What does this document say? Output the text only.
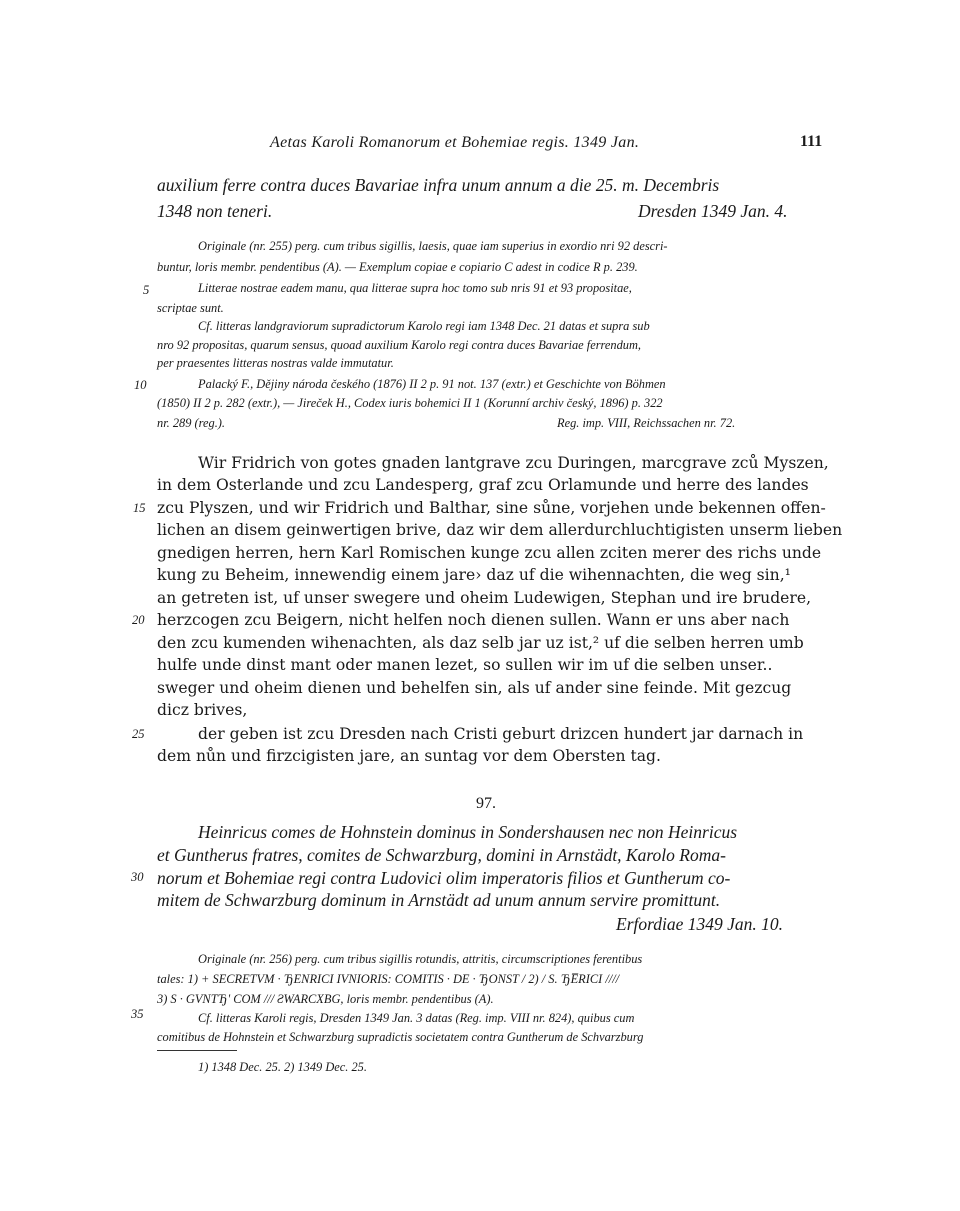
Aetas Karoli Romanorum et Bohemiae regis. 1349 Jan.	111
auxilium ferre contra duces Bavariae infra unum annum a die 25. m. Decembris
1348 non teneri.	Dresden 1349 Jan. 4.
Originale (nr. 255) perg. cum tribus sigillis, laesis, quae iam superius in exordio nri 92 descri-
buntur, loris membr. pendentibus (A). — Exemplum copiae e copiario C adest in codice R p. 239.
Litterae nostrae eadem manu, qua litterae supra hoc tomo sub nris 91 et 93 propositae,
scriptae sunt.
Cf. litteras landgraviorum supradictorum Karolo regi iam 1348 Dec. 21 datas et supra sub
nro 92 propositas, quarum sensus, quoad auxilium Karolo regi contra duces Bavariae ferrendum,
per praesentes litteras nostras valde immutatur.
Palacký F., Dějiny národa českého (1876) II 2 p. 91 not. 137 (extr.) et Geschichte von Böhmen
(1850) II 2 p. 282 (extr.), — Jireček H., Codex iuris bohemici II 1 (Korunní archiv český, 1896) p. 322
nr. 289 (reg.).	Reg. imp. VIII, Reichssachen nr. 72.
Wir Fridrich von gotes gnaden lantgrave zcu Duringen, marcgrave zců Myszen,
in dem Osterlande und zcu Landesperg, graf zcu Orlamunde und herre des landes
zcu Plyszen, und wir Fridrich und Balthar, sine sůne, vorjehen unde bekennen offen-
lichen an disem geinwertigen brive, daz wir dem allerdurchluchtigisten unserm lieben
gnedigen herren, hern Karl Romischen kunge zcu allen zciten merer des richs unde
kung zu Beheim, innewendig einem jare› daz uf die wihennachten, die weg sin,¹
an getreten ist, uf unser swegere und oheim Ludewigen, Stephan und ire brudere,
herzcogen zcu Beigern, nicht helfen noch dienen sullen. Wann er uns aber nach
den zcu kumenden wihenachten, als daz selb jar uz ist,² uf die selben herren umb
hulfe unde dinst mant oder manen lezet, so sullen wir im uf die selben unser..
sweger und oheim dienen und behelfen sin, als uf ander sine feinde. Mit gezcug
dicz brives,
der geben ist zcu Dresden nach Cristi geburt drizcen hundert jar darnach in
dem nůn und firzcigisten jare, an suntag vor dem Obersten tag.
97.
Heinricus comes de Hohnstein dominus in Sondershausen nec non Heinricus
et Guntherus fratres, comites de Schwarzburg, domini in Arnstädt, Karolo Roma-
norum et Bohemiae regi contra Ludovici olim imperatoris filios et Guntherum co-
mitem de Schwarzburg dominum in Arnstädt ad unum annum servire promittunt.
Erfordiae 1349 Jan. 10.
Originale (nr. 256) perg. cum tribus sigillis rotundis, attritis, circumscriptiones ferentibus
tales: 1) + SECRETVM · ЂENRICI IVNIORIS: COMITIS · DE · ЂONST / 2) / S. ЂE̅RICI ////
3) S · GVNTЂ' COM /// ƧWARCXBG, loris membr. pendentibus (A).
Cf. litteras Karoli regis, Dresden 1349 Jan. 3 datas (Reg. imp. VIII nr. 824), quibus cum
comitibus de Hohnstein et Schwarzburg supradictis societatem contra Guntherum de Schvarzburg
1) 1348 Dec. 25. 2) 1349 Dec. 25.
5
10
15
20
25
30
35
